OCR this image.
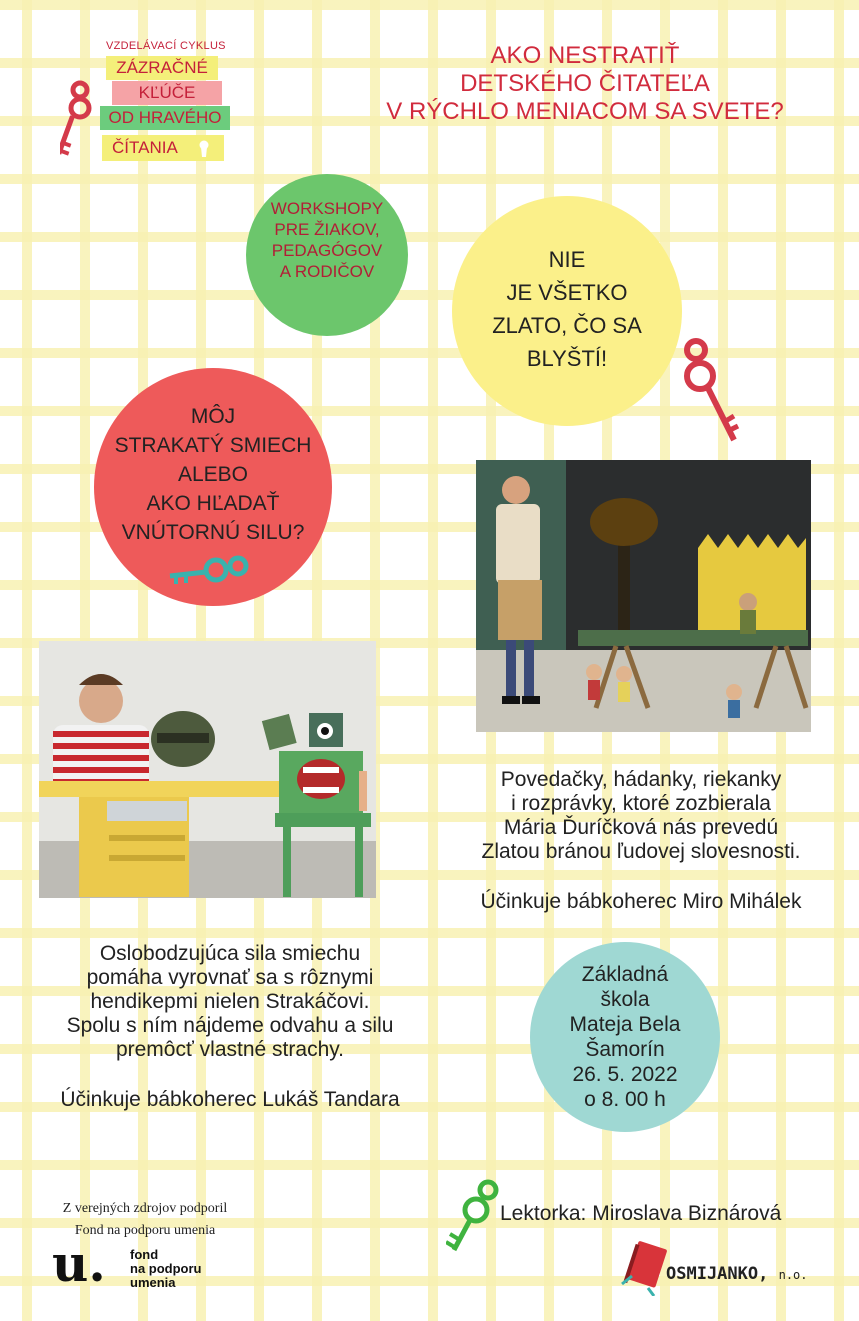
VZDELÁVACÍ CYKLUS
ZÁZRAČNÉ
KĽÚČE
OD HRAVÉHO
ČÍTANIA
AKO NESTRATIŤ
DETSKÉHO ČITATEĽA
V RÝCHLO MENIACOM SA SVETE?
WORKSHOPY
PRE ŽIAKOV,
PEDAGÓGOV
A RODIČOV	NIE
JE VŠETKO
ZLATO, ČO SA
BLYŠTÍ!
MÔJ
STRAKATÝ SMIECH
ALEBO
AKO HĽADAŤ
VNÚTORNÚ SILU?
Povedačky, hádanky, riekanky
i rozprávky, ktoré zozbierala
Mária Ďuríčková nás prevedú
Zlatou bránou ľudovej slovesnosti.
Účinkuje bábkoherec Miro Mihálek
Oslobodzujúca sila smiechu
pomáha vyrovnať sa s rôznymi
hendikepmi nielen Strakáčovi.
Spolu s ním nájdeme odvahu a silu
premôcť vlastné strachy.
Účinkuje bábkoherec Lukáš Tandara
Základná
škola
Mateja Bela
Šamorín
26. 5. 2022
o 8. 00 h
Z verejných zdrojov podporil
Fond na podporu umenia
u. fond
na podporu
umenia
Lektorka: Miroslava Biznárová
OSMIJANKO, n.o.
